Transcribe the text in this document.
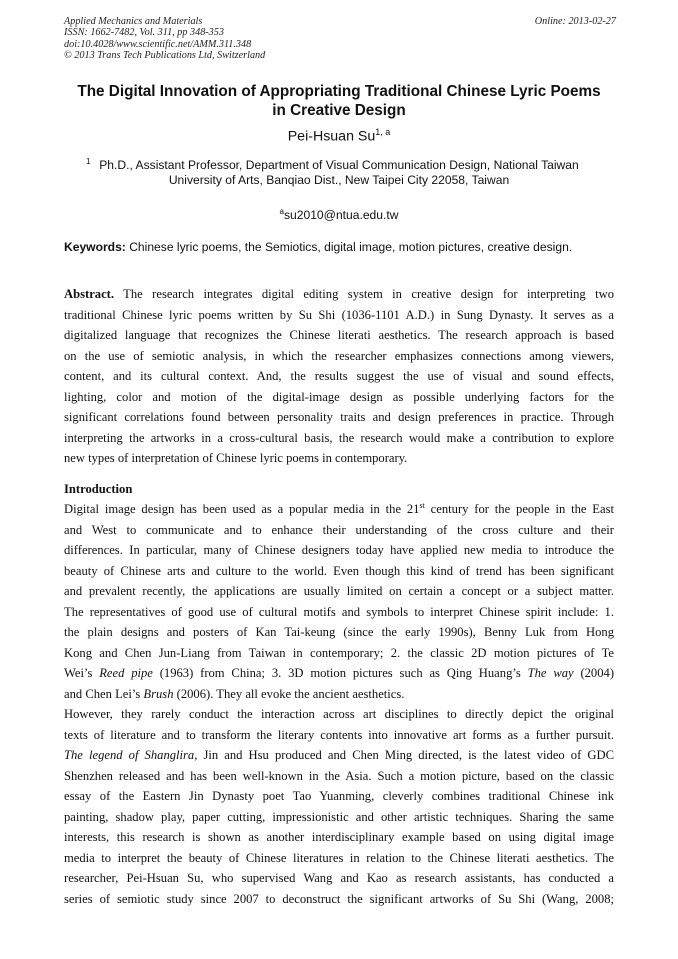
Applied Mechanics and Materials
ISSN: 1662-7482, Vol. 311, pp 348-353
doi:10.4028/www.scientific.net/AMM.311.348
© 2013 Trans Tech Publications Ltd, Switzerland
Online: 2013-02-27
The Digital Innovation of Appropriating Traditional Chinese Lyric Poems
in Creative Design
Pei-Hsuan Su$^{1, a}$
1 Ph.D., Assistant Professor, Department of Visual Communication Design, National Taiwan
University of Arts, Banqiao Dist., New Taipei City 22058, Taiwan
$^a$su2010@ntua.edu.tw
Keywords: Chinese lyric poems, the Semiotics, digital image, motion pictures, creative design.
Abstract. The research integrates digital editing system in creative design for interpreting two
traditional Chinese lyric poems written by Su Shi (1036-1101 A.D.) in Sung Dynasty. It serves as a
digitalized language that recognizes the Chinese literati aesthetics. The research approach is based
on the use of semiotic analysis, in which the researcher emphasizes connections among viewers,
content, and its cultural context. And, the results suggest the use of visual and sound effects,
lighting, color and motion of the digital-image design as possible underlying factors for the
significant correlations found between personality traits and design preferences in practice. Through
interpreting the artworks in a cross-cultural basis, the research would make a contribution to explore
new types of interpretation of Chinese lyric poems in contemporary.
Introduction
Digital image design has been used as a popular media in the 21st century for the people in the East
and West to communicate and to enhance their understanding of the cross culture and their
differences. In particular, many of Chinese designers today have applied new media to introduce the
beauty of Chinese arts and culture to the world. Even though this kind of trend has been significant
and prevalent recently, the applications are usually limited on certain a concept or a subject matter.
The representatives of good use of cultural motifs and symbols to interpret Chinese spirit include: 1.
the plain designs and posters of Kan Tai-keung (since the early 1990s), Benny Luk from Hong
Kong and Chen Jun-Liang from Taiwan in contemporary; 2. the classic 2D motion pictures of Te
Wei’s Reed pipe (1963) from China; 3. 3D motion pictures such as Qing Huang’s The way (2004)
and Chen Lei’s Brush (2006). They all evoke the ancient aesthetics.
However, they rarely conduct the interaction across art disciplines to directly depict the original
texts of literature and to transform the literary contents into innovative art forms as a further pursuit.
The legend of Shanglira, Jin and Hsu produced and Chen Ming directed, is the latest video of GDC
Shenzhen released and has been well-known in the Asia. Such a motion picture, based on the classic
essay of the Eastern Jin Dynasty poet Tao Yuanming, cleverly combines traditional Chinese ink
painting, shadow play, paper cutting, impressionistic and other artistic techniques. Sharing the same
interests, this research is shown as another interdisciplinary example based on using digital image
media to interpret the beauty of Chinese literatures in relation to the Chinese literati aesthetics. The
researcher, Pei-Hsuan Su, who supervised Wang and Kao as research assistants, has conducted a
series of semiotic study since 2007 to deconstruct the significant artworks of Su Shi (Wang, 2008;
